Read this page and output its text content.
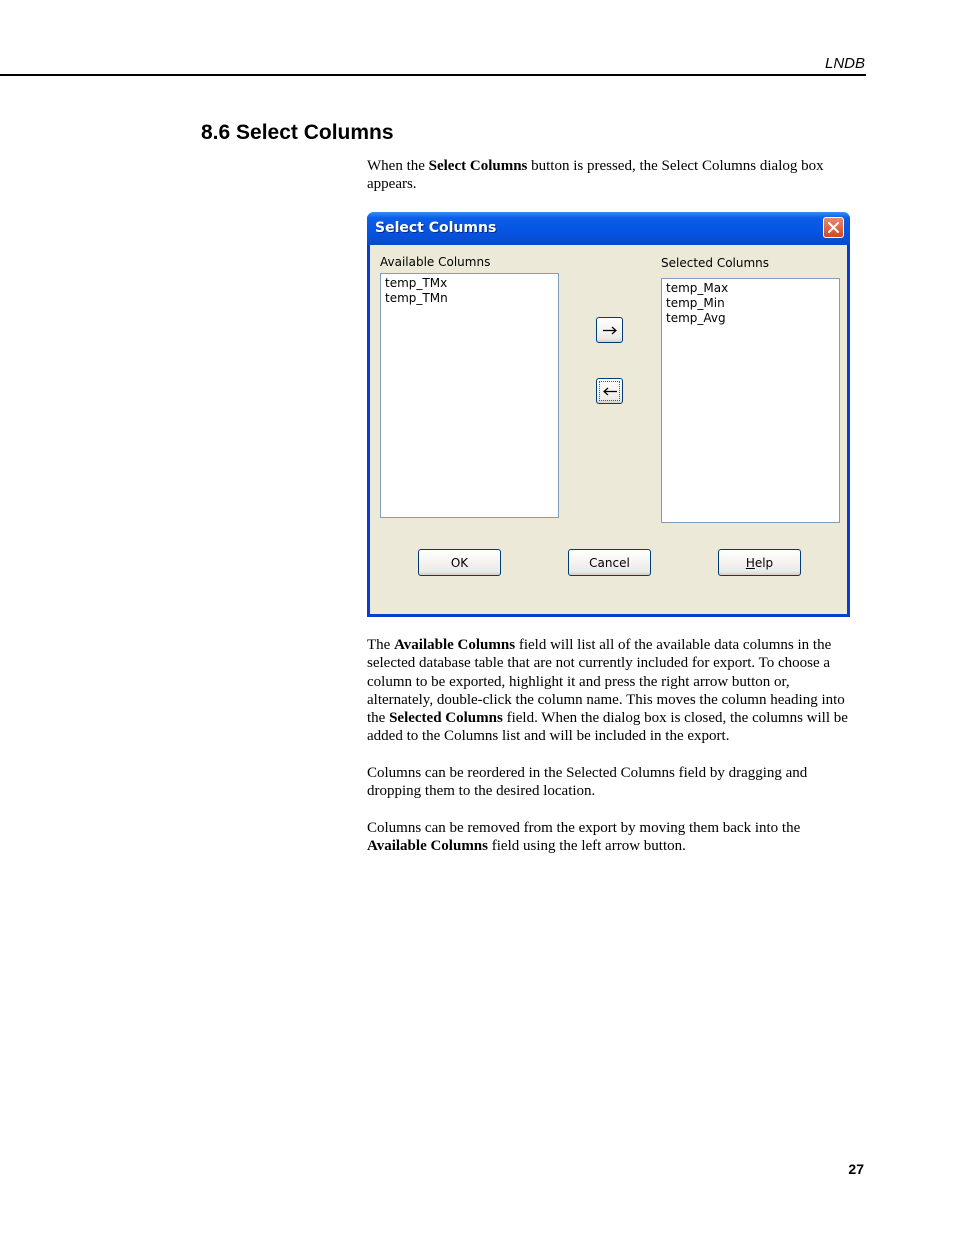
LNDB
8.6 Select Columns

When the Select Columns button is pressed, the Select Columns dialog box appears.

Select Columns
Available Columns
temp_TMx
temp_TMn
Selected Columns
temp_Max
temp_Min
temp_Avg
OK	Cancel	H elp

The Available Columns field will list all of the available data columns in the selected database table that are not currently included for export. To choose a column to be exported, highlight it and press the right arrow button or, alternately, double-click the column name. This moves the column heading into the Selected Columns field. When the dialog box is closed, the columns will be added to the Columns list and will be included in the export.

Columns can be reordered in the Selected Columns field by dragging and dropping them to the desired location.

Columns can be removed from the export by moving them back into the Available Columns field using the left arrow button.

27
